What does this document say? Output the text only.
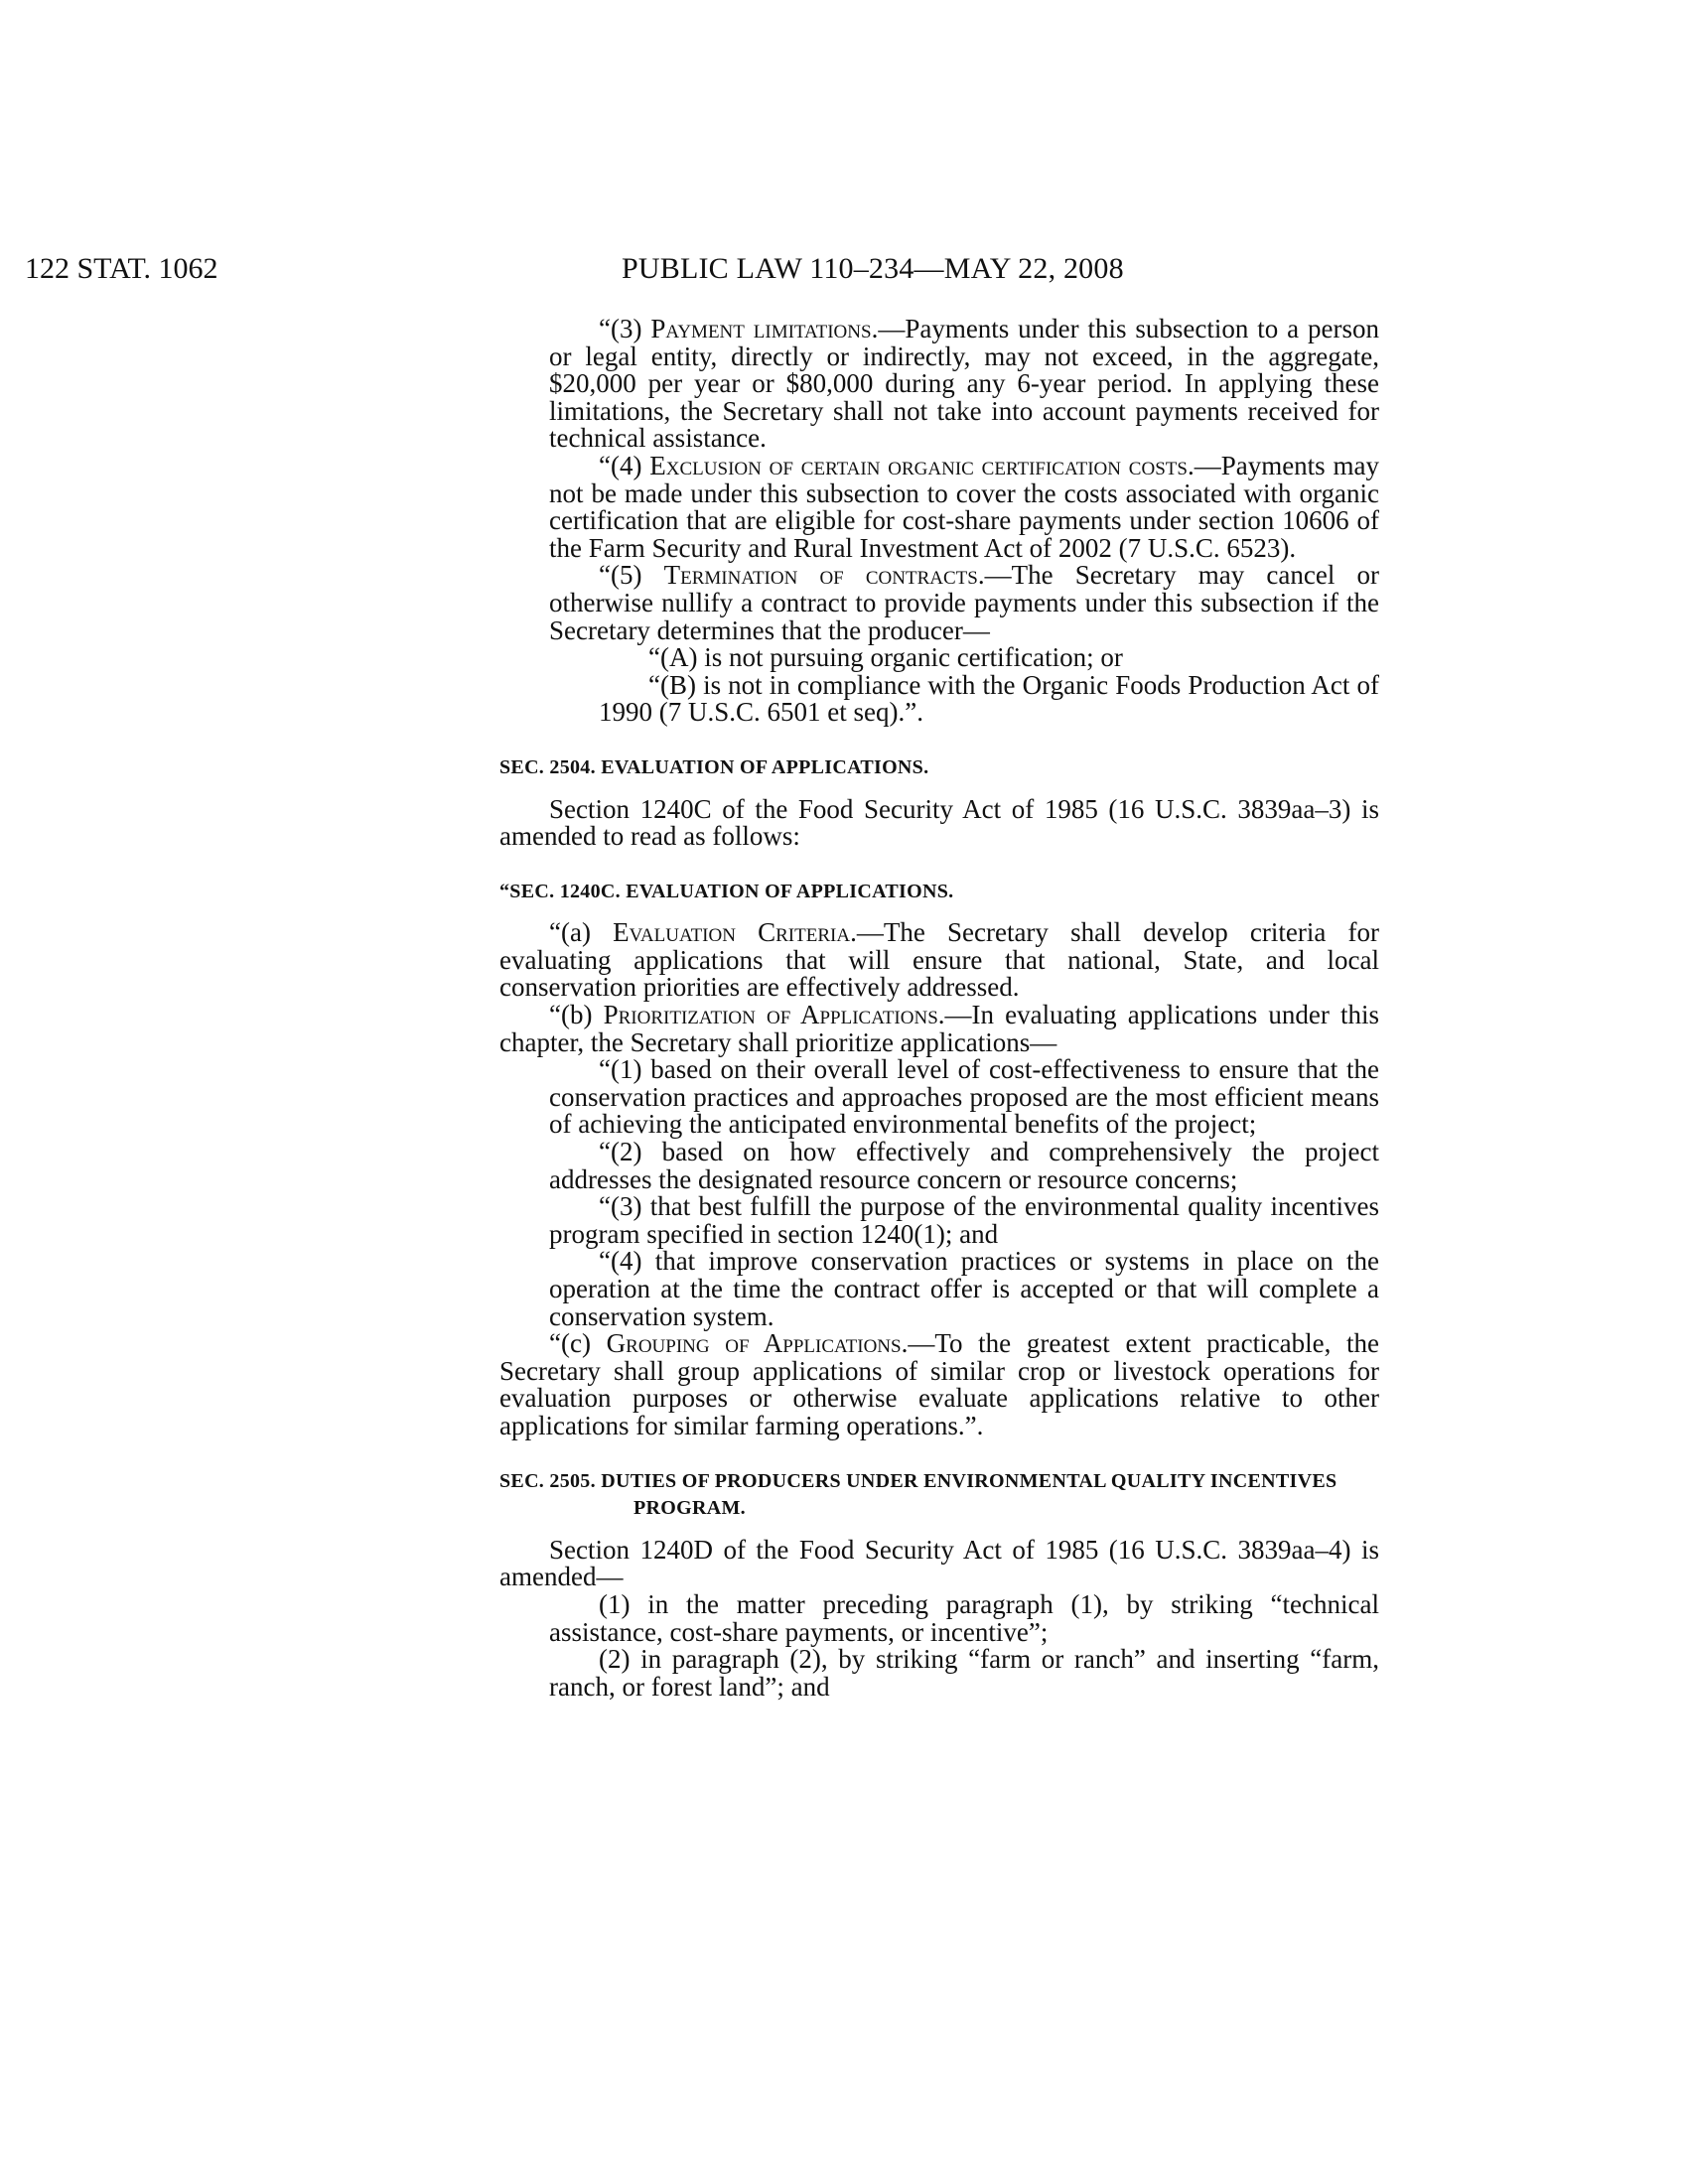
122 STAT. 1062	PUBLIC LAW 110–234—MAY 22, 2008

“(3) Payment limitations.—Payments under this subsection to a person or legal entity, directly or indirectly, may not exceed, in the aggregate, $20,000 per year or $80,000 during any 6-year period. In applying these limitations, the Secretary shall not take into account payments received for technical assistance.

“(4) Exclusion of certain organic certification costs.—Payments may not be made under this subsection to cover the costs associated with organic certification that are eligible for cost-share payments under section 10606 of the Farm Security and Rural Investment Act of 2002 (7 U.S.C. 6523).

“(5) Termination of contracts.—The Secretary may cancel or otherwise nullify a contract to provide payments under this subsection if the Secretary determines that the producer—

“(A) is not pursuing organic certification; or

“(B) is not in compliance with the Organic Foods Production Act of 1990 (7 U.S.C. 6501 et seq).”.

SEC. 2504. EVALUATION OF APPLICATIONS.

Section 1240C of the Food Security Act of 1985 (16 U.S.C. 3839aa–3) is amended to read as follows:

“SEC. 1240C. EVALUATION OF APPLICATIONS.

“(a) Evaluation Criteria.—The Secretary shall develop criteria for evaluating applications that will ensure that national, State, and local conservation priorities are effectively addressed.

“(b) Prioritization of Applications.—In evaluating applications under this chapter, the Secretary shall prioritize applications—

“(1) based on their overall level of cost-effectiveness to ensure that the conservation practices and approaches proposed are the most efficient means of achieving the anticipated environmental benefits of the project;

“(2) based on how effectively and comprehensively the project addresses the designated resource concern or resource concerns;

“(3) that best fulfill the purpose of the environmental quality incentives program specified in section 1240(1); and

“(4) that improve conservation practices or systems in place on the operation at the time the contract offer is accepted or that will complete a conservation system.

“(c) Grouping of Applications.—To the greatest extent practicable, the Secretary shall group applications of similar crop or livestock operations for evaluation purposes or otherwise evaluate applications relative to other applications for similar farming operations.”.

SEC. 2505. DUTIES OF PRODUCERS UNDER ENVIRONMENTAL QUALITY INCENTIVES PROGRAM.

Section 1240D of the Food Security Act of 1985 (16 U.S.C. 3839aa–4) is amended—

(1) in the matter preceding paragraph (1), by striking “technical assistance, cost-share payments, or incentive”;

(2) in paragraph (2), by striking “farm or ranch” and inserting “farm, ranch, or forest land”; and
